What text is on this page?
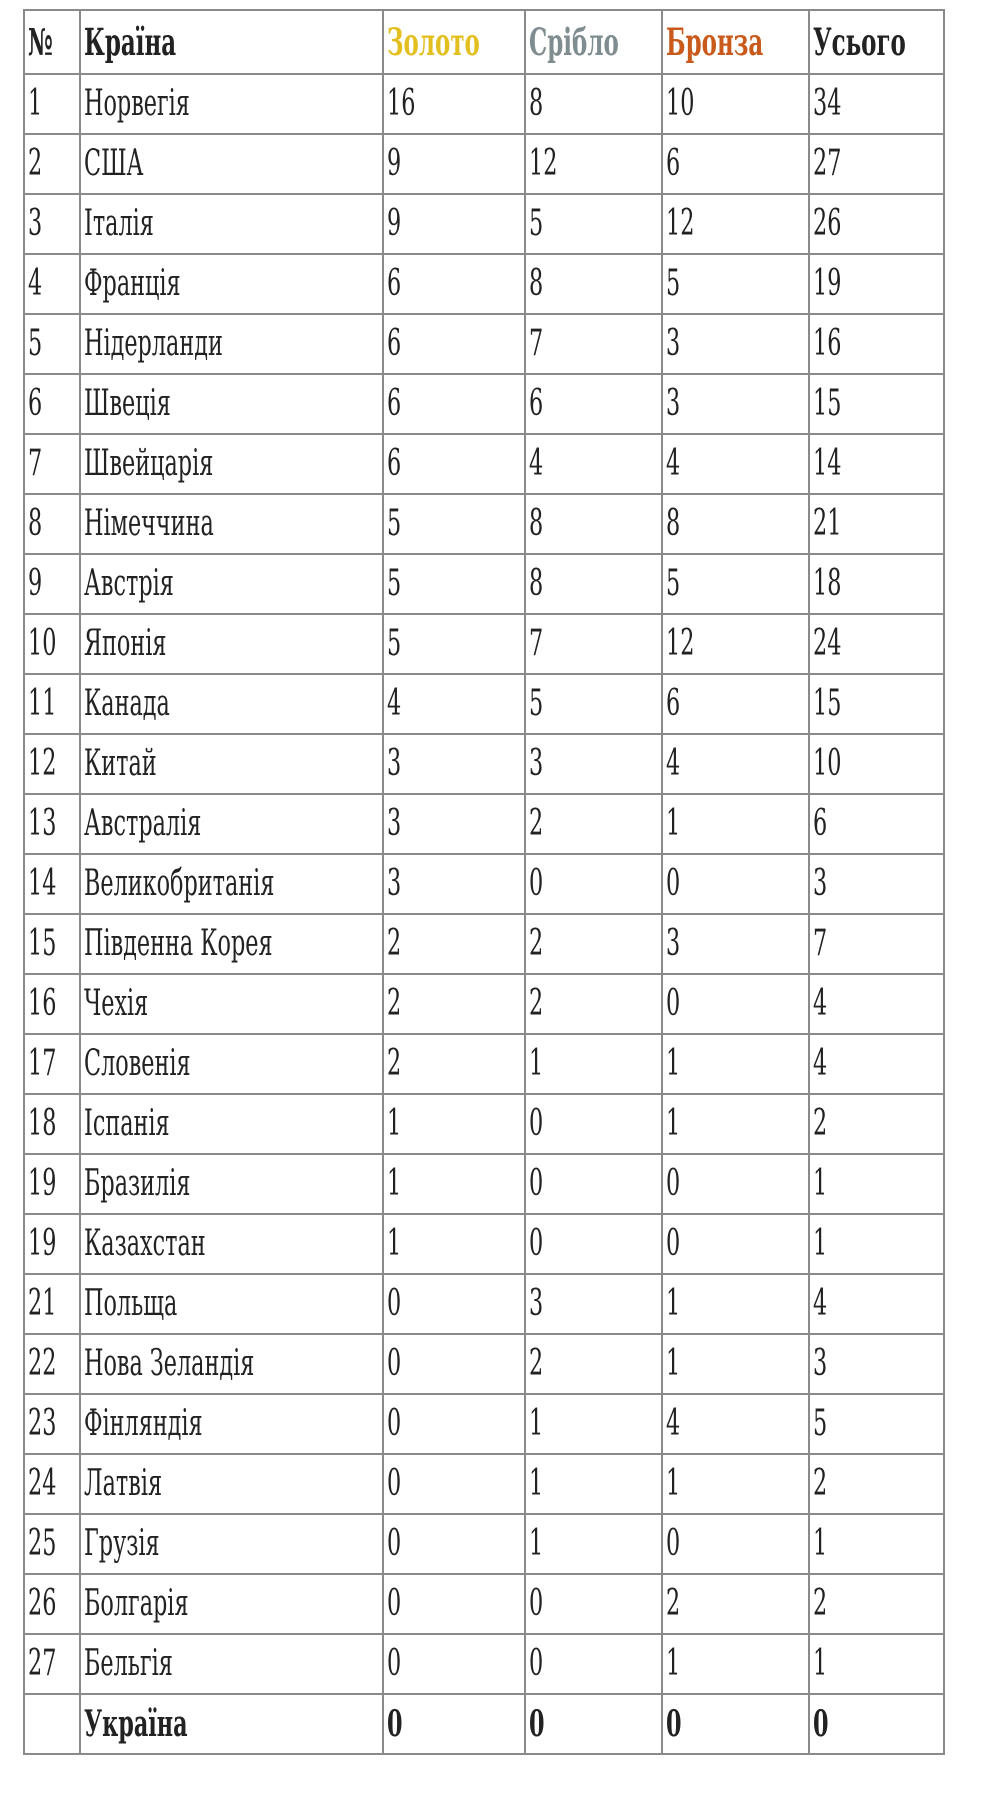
№	Країна	Золото	Срібло	Бронза	Усього
1	Норвегія	16	8	10	34
2	США	9	12	6	27
3	Італія	9	5	12	26
4	Франція	6	8	5	19
5	Нідерланди	6	7	3	16
6	Швеція	6	6	3	15
7	Швейцарія	6	4	4	14
8	Німеччина	5	8	8	21
9	Австрія	5	8	5	18
10	Японія	5	7	12	24
11	Канада	4	5	6	15
12	Китай	3	3	4	10
13	Австралія	3	2	1	6
14	Великобританія	3	0	0	3
15	Південна Корея	2	2	3	7
16	Чехія	2	2	0	4
17	Словенія	2	1	1	4
18	Іспанія	1	0	1	2
19	Бразилія	1	0	0	1
19	Казахстан	1	0	0	1
21	Польща	0	3	1	4
22	Нова Зеландія	0	2	1	3
23	Фінляндія	0	1	4	5
24	Латвія	0	1	1	2
25	Грузія	0	1	0	1
26	Болгарія	0	0	2	2
27	Бельгія	0	0	1	1
	Україна	0	0	0	0
